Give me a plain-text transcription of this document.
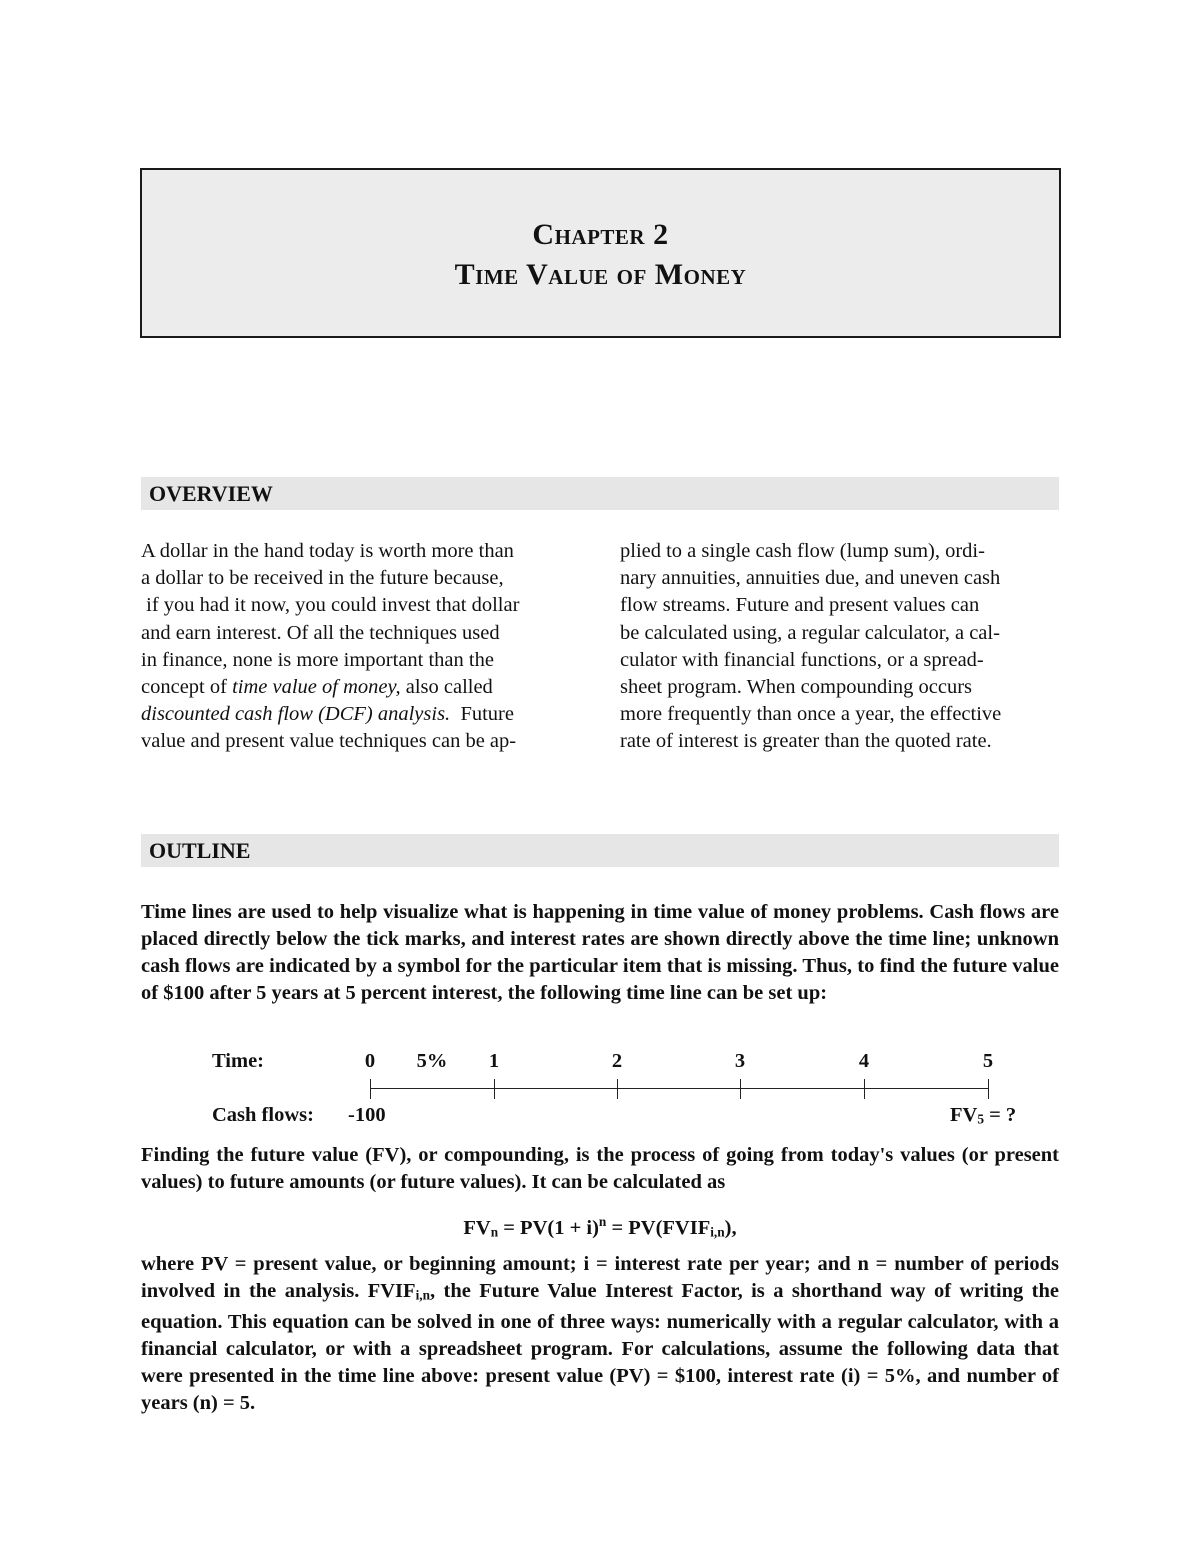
Chapter 2
Time Value of Money
OVERVIEW

A dollar in the hand today is worth more than

a dollar to be received in the future because,

if you had it now, you could invest that dollar

and earn interest. Of all the techniques used

in finance, none is more important than the

concept of time value of money, also called

discounted cash flow (DCF) analysis.  Future

value and present value techniques can be ap-

plied to a single cash flow (lump sum), ordi-

nary annuities, annuities due, and uneven cash

flow streams. Future and present values can

be calculated using, a regular calculator, a cal-

culator with financial functions, or a spread-

sheet program. When compounding occurs

more frequently than once a year, the effective

rate of interest is greater than the quoted rate.

OUTLINE

Time lines are used to help visualize what is happening in time value of money problems. Cash flows are placed directly below the tick marks, and interest rates are shown directly above the time line; unknown cash flows are indicated by a symbol for the particular item that is missing. Thus, to find the future value of $100 after 5 years at 5 percent interest, the following time line can be set up:

Time:	0 5% 1	2	3	4	5
Cash flows: -100	$FV_5$ = ?

Finding the future value (FV), or compounding, is the process of going from today's values (or present values) to future amounts (or future values). It can be calculated as

$FV_n = PV(1 + i)^n$ = $PV(FVIF_{i,n})$,

where PV = present value, or beginning amount; i = interest rate per year; and n = number of periods involved in the analysis. $FVIF_{i,n}$, the Future Value Interest Factor, is a shorthand way of writing the equation. This equation can be solved in one of three ways: numerically with a regular calculator, with a financial calculator, or with a spreadsheet program. For calculations, assume the following data that were presented in the time line above: present value (PV) = $100, interest rate (i) = 5%, and number of years (n) = 5.
